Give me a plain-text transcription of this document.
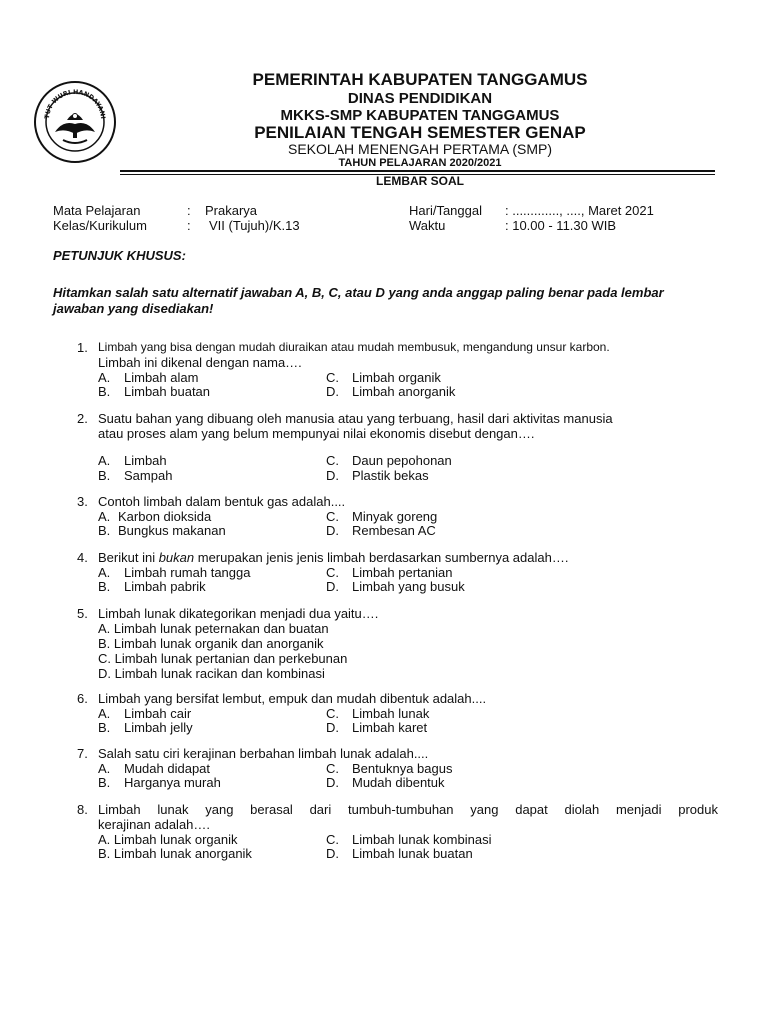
TUT WURI HANDAYANI
PEMERINTAH KABUPATEN TANGGAMUS
DINAS PENDIDIKAN
MKKS-SMP KABUPATEN TANGGAMUS
PENILAIAN TENGAH SEMESTER GENAP
SEKOLAH MENENGAH PERTAMA (SMP)
TAHUN PELAJARAN 2020/2021
LEMBAR SOAL
Mata Pelajaran	: Prakarya
Kelas/Kurikulum	: VII (Tujuh)/K.13
Hari/Tanggal : ............., ...., Maret 2021
Waktu	: 10.00 - 11.30 WIB
PETUNJUK KHUSUS:
Hitamkan salah satu alternatif jawaban A, B, C, atau D yang anda anggap paling benar pada lembar jawaban yang disediakan!
1. Limbah yang bisa dengan mudah diuraikan atau mudah membusuk, mengandung unsur karbon.
Limbah ini dikenal dengan nama….
A. Limbah alam
B. Limbah buatan
C. Limbah organik
D. Limbah anorganik
2. Suatu bahan yang dibuang oleh manusia atau yang terbuang, hasil dari aktivitas manusia
atau proses alam yang belum mempunyai nilai ekonomis disebut dengan….
A. Limbah
B. Sampah
C. Daun pepohonan
D. Plastik bekas
3. Contoh limbah dalam bentuk gas adalah....
A. Karbon dioksida
B. Bungkus makanan
C. Minyak goreng
D. Rembesan AC
4. Berikut ini bukan merupakan jenis jenis limbah berdasarkan sumbernya adalah….
A. Limbah rumah tangga
B. Limbah pabrik
C. Limbah pertanian
D. Limbah yang busuk
5. Limbah lunak dikategorikan menjadi dua yaitu….
A. Limbah lunak peternakan dan buatan
B. Limbah lunak organik dan anorganik
C. Limbah lunak pertanian dan perkebunan
D. Limbah lunak racikan dan kombinasi
6. Limbah yang bersifat lembut, empuk dan mudah dibentuk adalah....
A. Limbah cair
B. Limbah jelly
C. Limbah lunak
D. Limbah karet
7. Salah satu ciri kerajinan berbahan limbah lunak adalah....
A. Mudah didapat
B. Harganya murah
C. Bentuknya bagus
D. Mudah dibentuk
8. Limbah lunak yang berasal dari tumbuh-tumbuhan yang dapat diolah menjadi produk
kerajinan adalah….
A. Limbah lunak organik
B. Limbah lunak anorganik
C. Limbah lunak kombinasi
D. Limbah lunak buatan
